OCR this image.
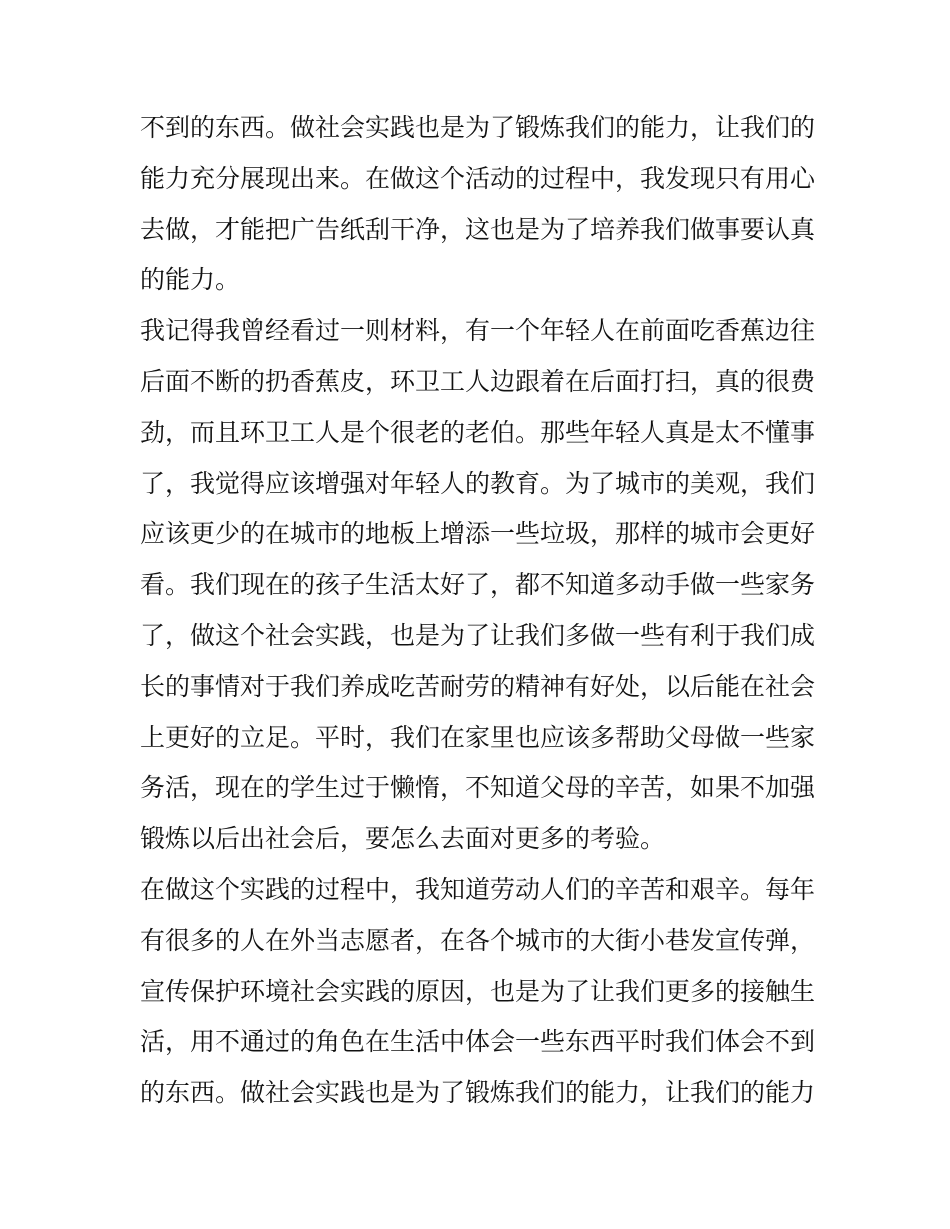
不到的东西。做社会实践也是为了锻炼我们的能力，让我们的
能力充分展现出来。在做这个活动的过程中，我发现只有用心
去做，才能把广告纸刮干净，这也是为了培养我们做事要认真
的能力。
我记得我曾经看过一则材料，有一个年轻人在前面吃香蕉边往
后面不断的扔香蕉皮，环卫工人边跟着在后面打扫，真的很费
劲，而且环卫工人是个很老的老伯。那些年轻人真是太不懂事
了，我觉得应该增强对年轻人的教育。为了城市的美观，我们
应该更少的在城市的地板上增添一些垃圾，那样的城市会更好
看。我们现在的孩子生活太好了，都不知道多动手做一些家务
了，做这个社会实践，也是为了让我们多做一些有利于我们成
长的事情对于我们养成吃苦耐劳的精神有好处，以后能在社会
上更好的立足。平时，我们在家里也应该多帮助父母做一些家
务活，现在的学生过于懒惰，不知道父母的辛苦，如果不加强
锻炼以后出社会后，要怎么去面对更多的考验。
在做这个实践的过程中，我知道劳动人们的辛苦和艰辛。每年
有很多的人在外当志愿者，在各个城市的大街小巷发宣传弹，
宣传保护环境社会实践的原因，也是为了让我们更多的接触生
活，用不通过的角色在生活中体会一些东西平时我们体会不到
的东西。做社会实践也是为了锻炼我们的能力，让我们的能力
